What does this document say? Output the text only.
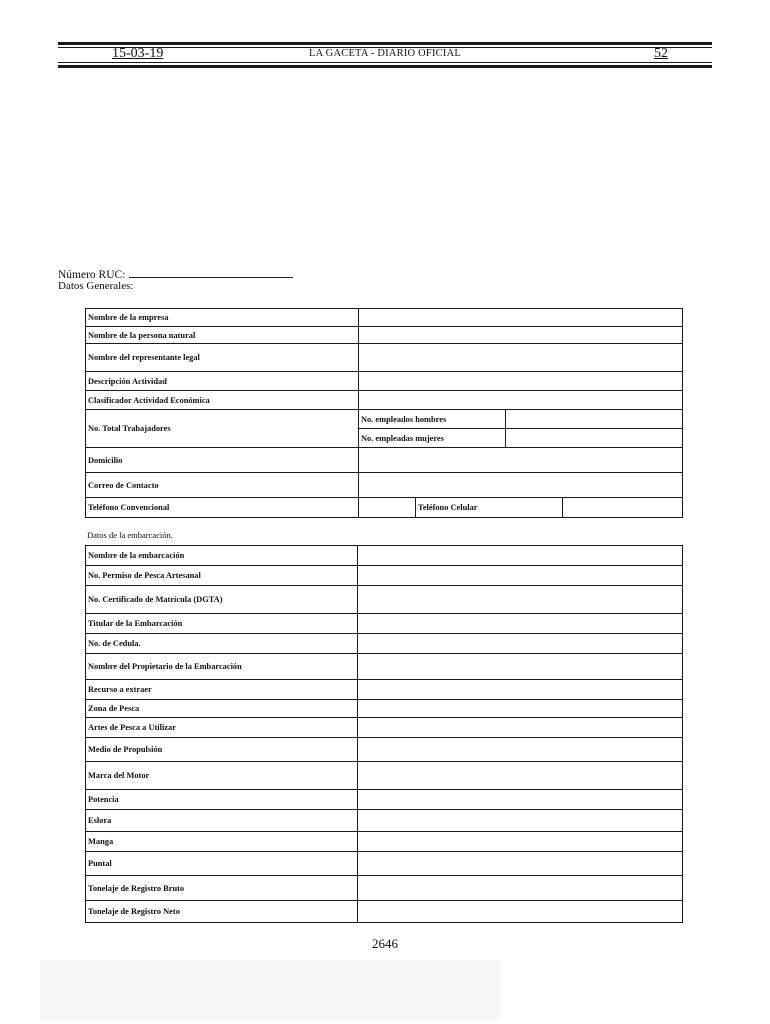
15-03-19	LA GACETA - DIARIO OFICIAL	52
Número RUC:
Datos Generales:
Nombre de la empresa				
Nombre de la persona natural				
Nombre del representante legal				
Descripción Actividad				
Clasificador Actividad Económica				
No. Total Trabajadores	No. empleados hombres			
	No. empleadas mujeres			
Domicilio				
Correo de Contacto				
Teléfono Convencional		Teléfono Celular		
Datos de la embarcación.
Nombre de la embarcación	
No. Permiso de Pesca Artesanal	
No. Certificado de Matrícula (DGTA)	
Titular de la Embarcación	
No. de Cedula.	
Nombre del Propietario de la Embarcación	
Recurso a extraer	
Zona de Pesca	
Artes de Pesca a Utilizar	
Medio de Propulsión	
Marca del Motor	
Potencia	
Eslora	
Manga	
Puntal	
Tonelaje de Registro Bruto	
Tonelaje de Registro Neto	
2646
